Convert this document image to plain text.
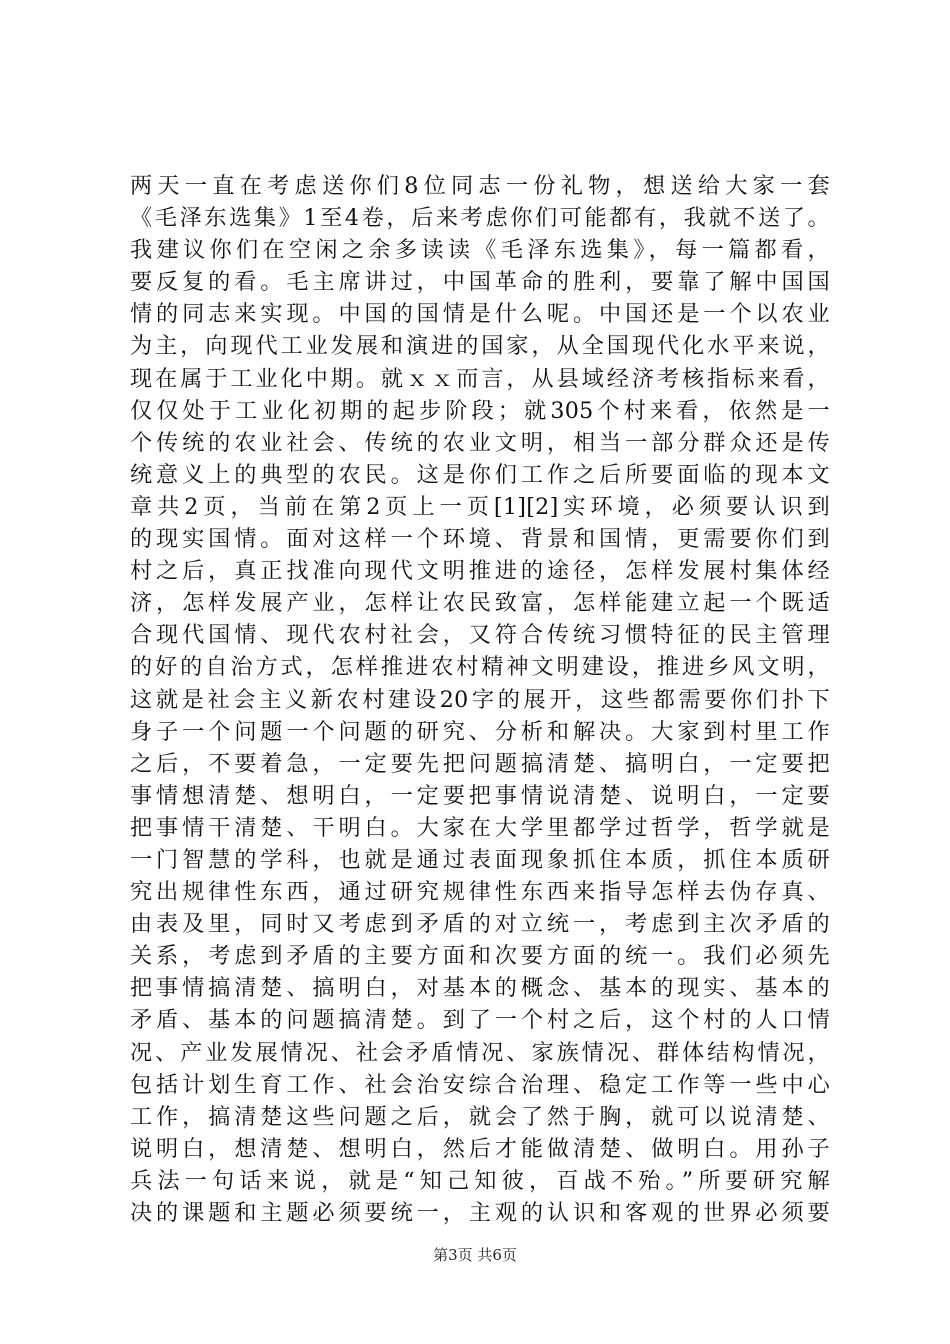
两天一直在考虑送你们8位同志一份礼物，想送给大家一套
《毛泽东选集》1至4卷，后来考虑你们可能都有，我就不送了。
我建议你们在空闲之余多读读《毛泽东选集》，每一篇都看，
要反复的看。毛主席讲过，中国革命的胜利，要靠了解中国国
情的同志来实现。中国的国情是什么呢。中国还是一个以农业
为主，向现代工业发展和演进的国家，从全国现代化水平来说，
现在属于工业化中期。就ｘｘ而言，从县域经济考核指标来看，
仅仅处于工业化初期的起步阶段；就305个村来看，依然是一
个传统的农业社会、传统的农业文明，相当一部分群众还是传
统意义上的典型的农民。这是你们工作之后所要面临的现本文
章共2页，当前在第2页上一页[1][2]实环境，必须要认识到
的现实国情。面对这样一个环境、背景和国情，更需要你们到
村之后，真正找准向现代文明推进的途径，怎样发展村集体经
济，怎样发展产业，怎样让农民致富，怎样能建立起一个既适
合现代国情、现代农村社会，又符合传统习惯特征的民主管理
的好的自治方式，怎样推进农村精神文明建设，推进乡风文明，
这就是社会主义新农村建设20字的展开，这些都需要你们扑下
身子一个问题一个问题的研究、分析和解决。大家到村里工作
之后，不要着急，一定要先把问题搞清楚、搞明白，一定要把
事情想清楚、想明白，一定要把事情说清楚、说明白，一定要
把事情干清楚、干明白。大家在大学里都学过哲学，哲学就是
一门智慧的学科，也就是通过表面现象抓住本质，抓住本质研
究出规律性东西，通过研究规律性东西来指导怎样去伪存真、
由表及里，同时又考虑到矛盾的对立统一，考虑到主次矛盾的
关系，考虑到矛盾的主要方面和次要方面的统一。我们必须先
把事情搞清楚、搞明白，对基本的概念、基本的现实、基本的
矛盾、基本的问题搞清楚。到了一个村之后，这个村的人口情
况、产业发展情况、社会矛盾情况、家族情况、群体结构情况，
包括计划生育工作、社会治安综合治理、稳定工作等一些中心
工作，搞清楚这些问题之后，就会了然于胸，就可以说清楚、
说明白，想清楚、想明白，然后才能做清楚、做明白。用孙子
兵法一句话来说，就是“知己知彼，百战不殆。”所要研究解
决的课题和主题必须要统一，主观的认识和客观的世界必须要
第3页 共6页
